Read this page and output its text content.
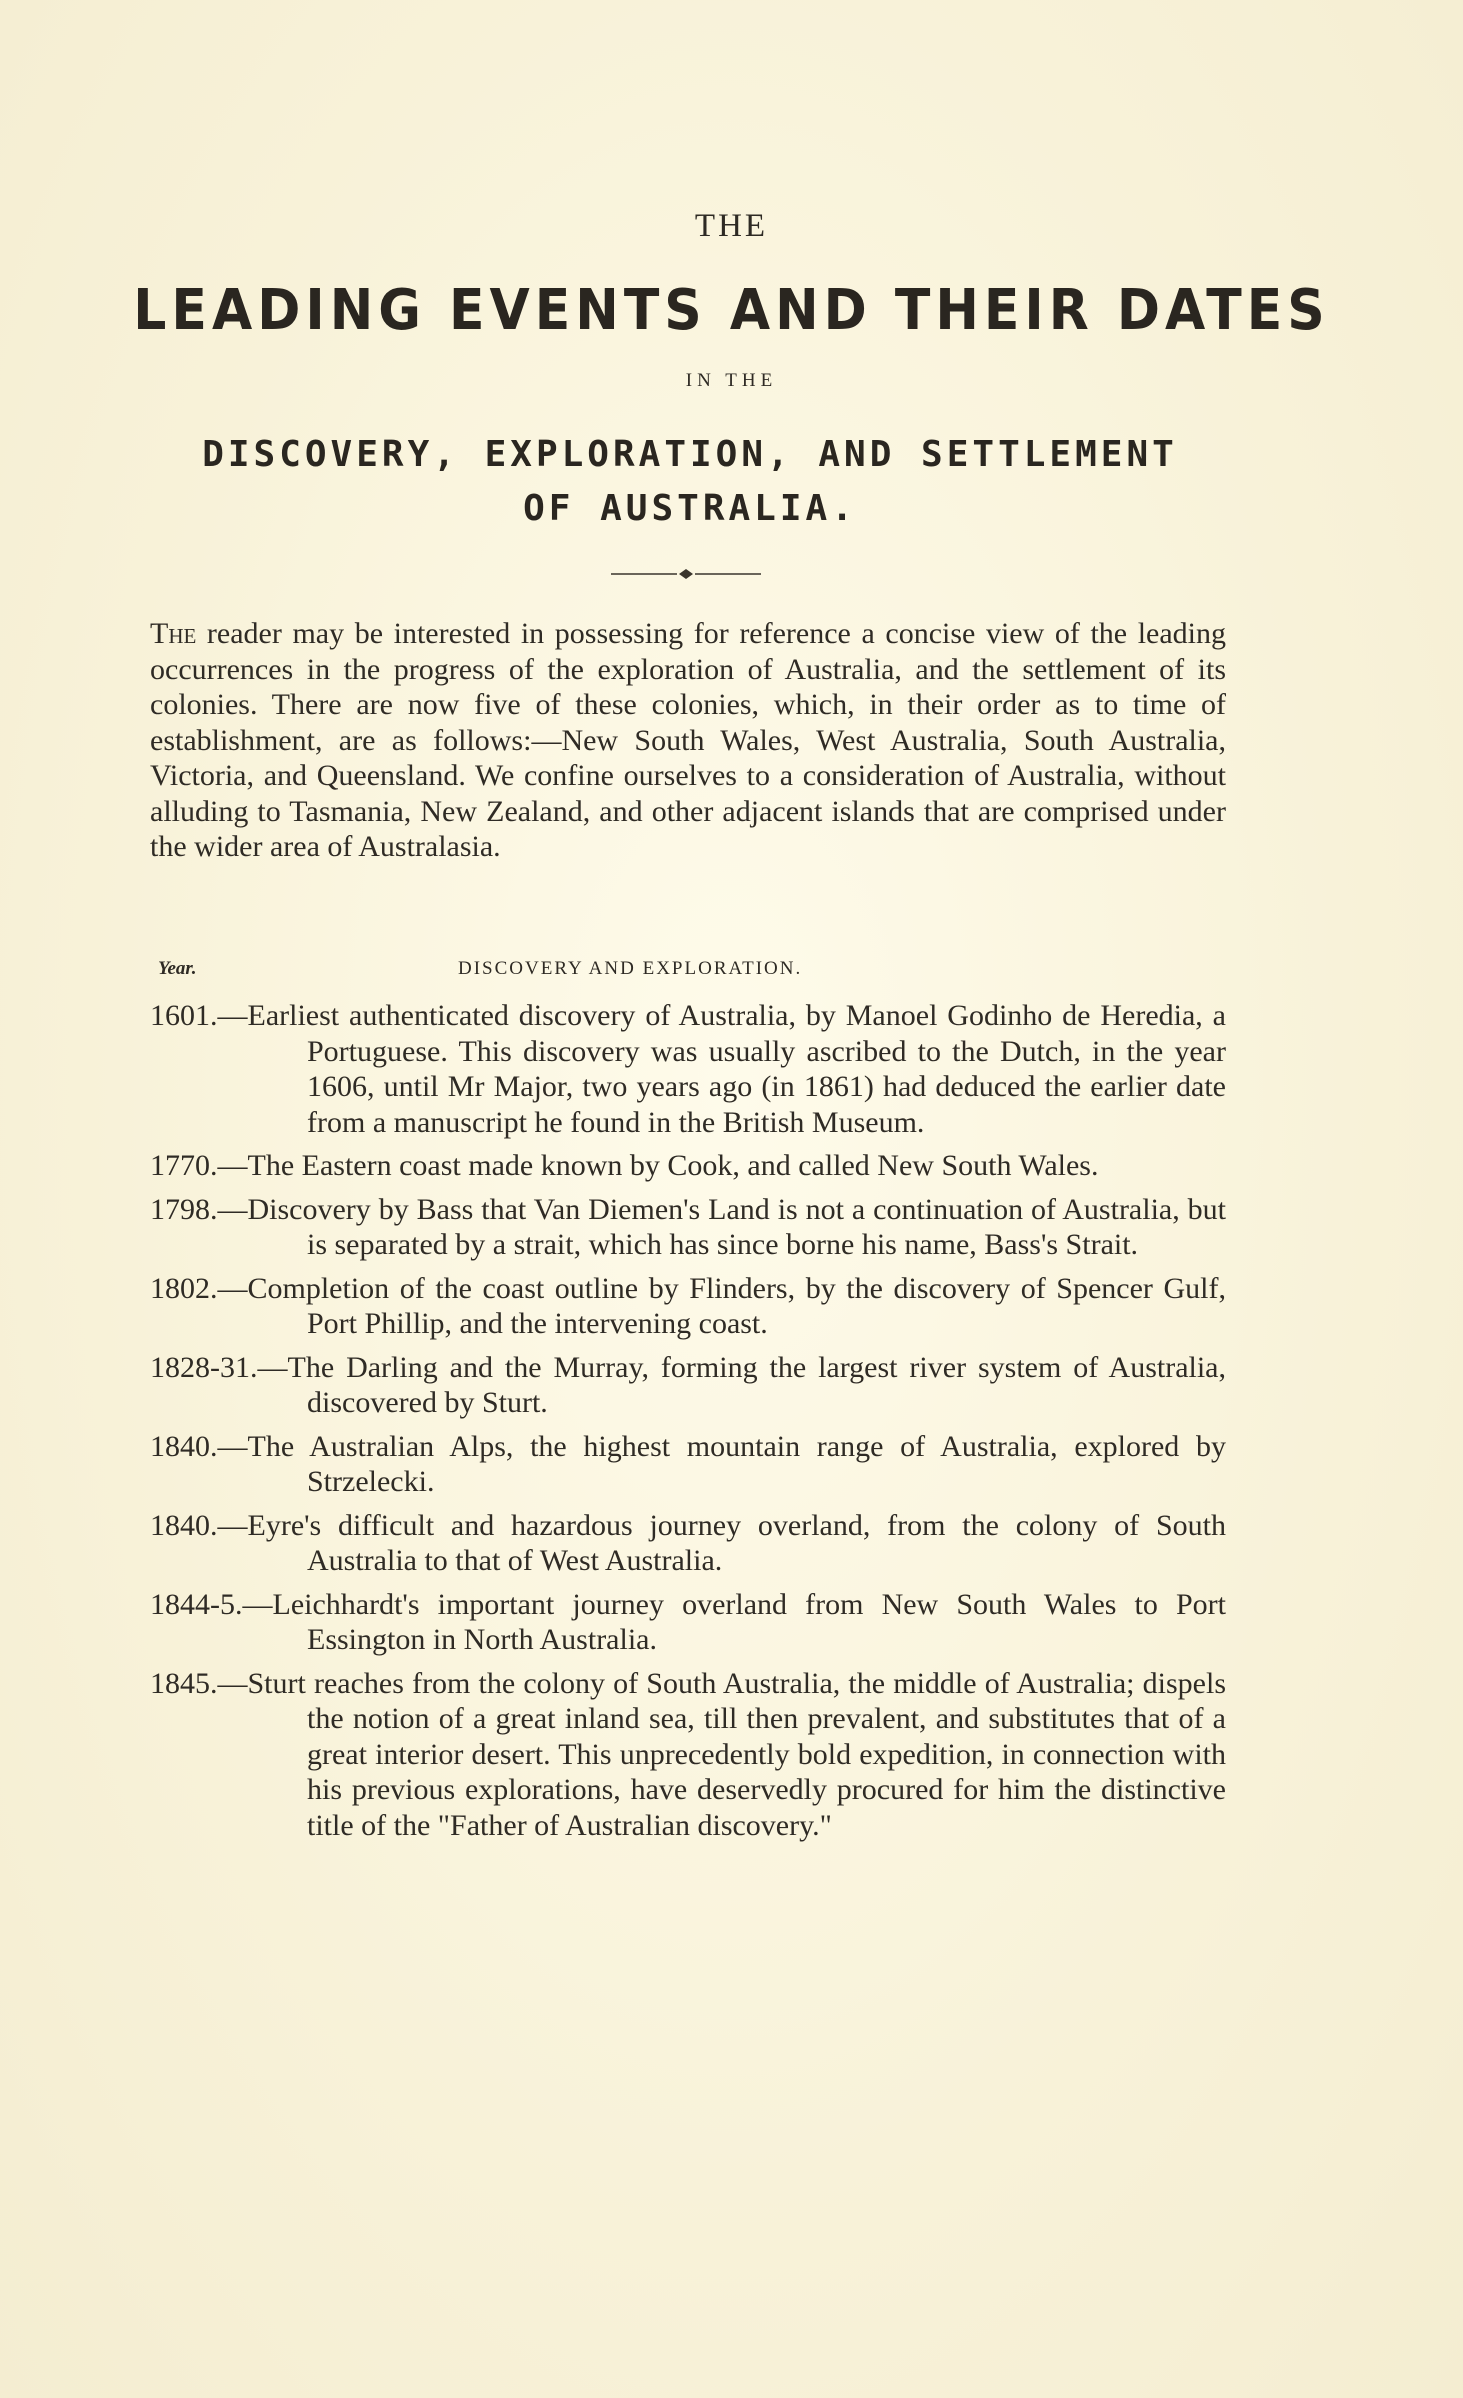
THE
LEADING EVENTS AND THEIR DATES
IN THE
DISCOVERY, EXPLORATION, AND SETTLEMENT
OF AUSTRALIA.
The reader may be interested in possessing for reference a concise view of the leading occurrences in the progress of the exploration of Australia, and the settlement of its colonies. There are now five of these colonies, which, in their order as to time of establishment, are as follows:—New South Wales, West Australia, South Australia, Victoria, and Queensland. We confine ourselves to a consideration of Australia, without alluding to Tasmania, New Zealand, and other adjacent islands that are comprised under the wider area of Australasia.
Year.	DISCOVERY AND EXPLORATION.
1601.—Earliest authenticated discovery of Australia, by Manoel Godinho de Heredia, a Portuguese. This discovery was usually ascribed to the Dutch, in the year 1606, until Mr Major, two years ago (in 1861) had deduced the earlier date from a manuscript he found in the British Museum.
1770.—The Eastern coast made known by Cook, and called New South Wales.
1798.—Discovery by Bass that Van Diemen's Land is not a continuation of Australia, but is separated by a strait, which has since borne his name, Bass's Strait.
1802.—Completion of the coast outline by Flinders, by the discovery of Spencer Gulf, Port Phillip, and the intervening coast.
1828-31.—The Darling and the Murray, forming the largest river system of Australia, discovered by Sturt.
1840.—The Australian Alps, the highest mountain range of Australia, explored by Strzelecki.
1840.—Eyre's difficult and hazardous journey overland, from the colony of South Australia to that of West Australia.
1844-5.—Leichhardt's important journey overland from New South Wales to Port Essington in North Australia.
1845.—Sturt reaches from the colony of South Australia, the middle of Australia; dispels the notion of a great inland sea, till then prevalent, and substitutes that of a great interior desert. This unprecedently bold expedition, in connection with his previous explorations, have deservedly procured for him the distinctive title of the "Father of Australian discovery."
